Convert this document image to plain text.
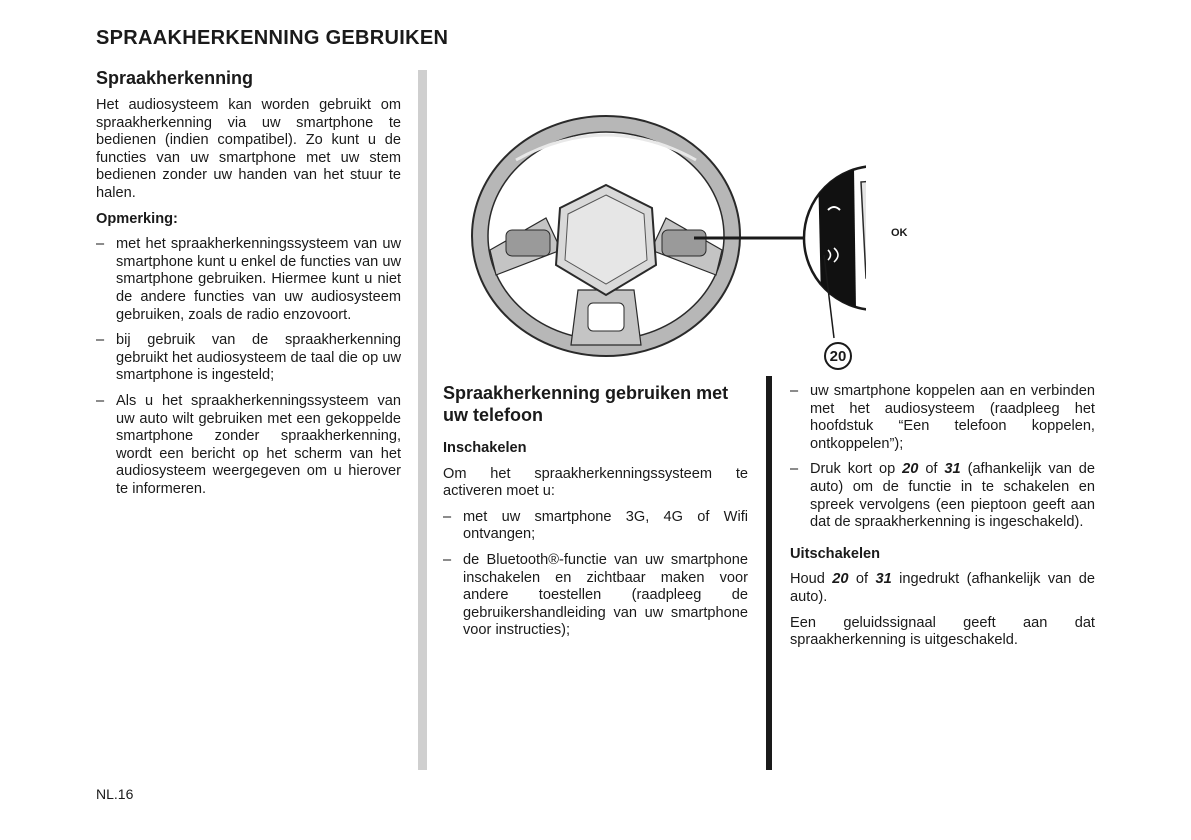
SPRAAKHERKENNING GEBRUIKEN
Spraakherkenning

Het audiosysteem kan worden gebruikt om spraakherkenning via uw smartphone te bedienen (indien compatibel). Zo kunt u de functies van uw smartphone met uw stem bedienen zonder uw handen van het stuur te halen.

Opmerking:
– met het spraakherkenningssysteem van uw smartphone kunt u enkel de functies van uw smartphone gebruiken. Hiermee kunt u niet de andere functies van uw audiosysteem gebruiken, zoals de radio enzovoort.
– bij gebruik van de spraakherkenning gebruikt het audiosysteem de taal die op uw smartphone is ingesteld;
– Als u het spraakherkenningssysteem van uw auto wilt gebruiken met een gekoppelde smartphone zonder spraakherkenning, wordt een bericht op het scherm van het audiosysteem weergegeven om u hierover te informeren.
OK
20
Spraakherkenning gebruiken met uw telefoon
Inschakelen

Om het spraakherkenningssysteem te activeren moet u:

– met uw smartphone 3G, 4G of Wifi ontvangen;
– de Bluetooth®-functie van uw smartphone inschakelen en zichtbaar maken voor andere toestellen (raadpleeg de gebruikershandleiding van uw smartphone voor instructies);
– uw smartphone koppelen aan en verbinden met het audiosysteem (raadpleeg het hoofdstuk “Een telefoon koppelen, ontkoppelen”);
– Druk kort op 20 of 31 (afhankelijk van de auto) om de functie in te schakelen en spreek vervolgens (een pieptoon geeft aan dat de spraakherkenning is ingeschakeld).
Uitschakelen

Houd 20 of 31 ingedrukt (afhankelijk van de auto).

Een geluidssignaal geeft aan dat spraakherkenning is uitgeschakeld.

NL.16
